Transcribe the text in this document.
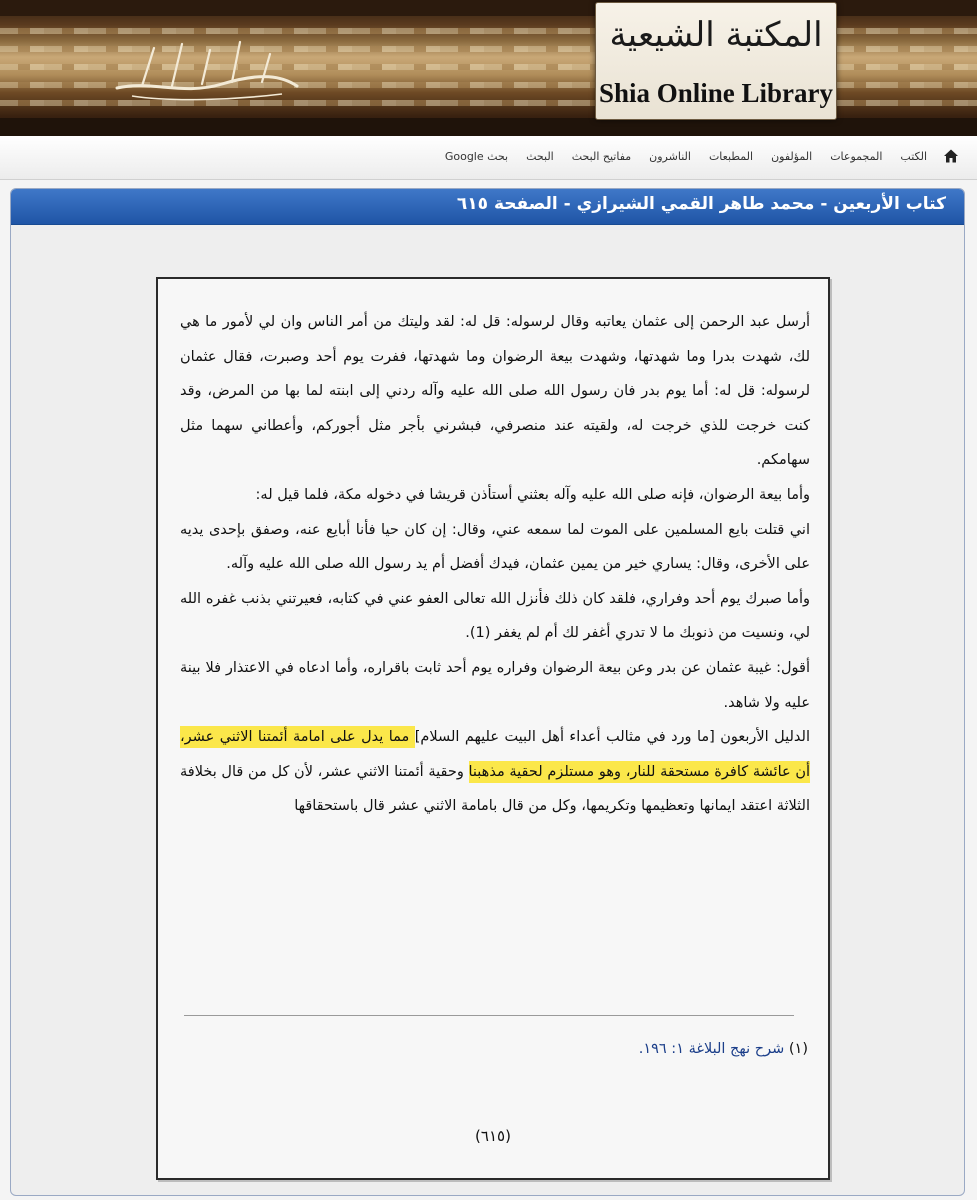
المكتبة الشيعية
Shia Online Library
الكتب
المجموعات
المؤلفون
المطبعات
الناشرون
مفاتيح البحث
البحث
بحث Google
كتاب الأربعين - محمد طاهر القمي الشيرازي - الصفحة ٦١٥

أرسل عبد الرحمن إلى عثمان يعاتبه وقال لرسوله: قل له: لقد وليتك من أمر الناس وان لي لأمور ما هي لك، شهدت بدرا وما شهدتها، وشهدت بيعة الرضوان وما شهدتها، ففرت يوم أحد وصبرت، فقال عثمان لرسوله: قل له: أما يوم بدر فان رسول الله صلى الله عليه وآله ردني إلى ابنته لما بها من المرض، وقد كنت خرجت للذي خرجت له، ولقيته عند منصرفي، فبشرني بأجر مثل أجوركم، وأعطاني سهما مثل سهامكم.

وأما بيعة الرضوان، فإنه صلى الله عليه وآله بعثني أستأذن قريشا في دخوله مكة، فلما قيل له:

اني قتلت بايع المسلمين على الموت لما سمعه عني، وقال: إن كان حيا فأنا أبايع عنه، وصفق بإحدى يديه على الأخرى، وقال: يساري خير من يمين عثمان، فيدك أفضل أم يد رسول الله صلى الله عليه وآله.

وأما صبرك يوم أحد وفراري، فلقد كان ذلك فأنزل الله تعالى العفو عني في كتابه، فعيرتني بذنب غفره الله لي، ونسيت من ذنوبك ما لا تدري أغفر لك أم لم يغفر (1).

أقول: غيبة عثمان عن بدر وعن بيعة الرضوان وفراره يوم أحد ثابت باقراره، وأما ادعاه في الاعتذار فلا بينة عليه ولا شاهد.

الدليل الأربعون [ما ورد في مثالب أعداء أهل البيت عليهم السلام] مما يدل على امامة أئمتنا الاثني عشر، أن عائشة كافرة مستحقة للنار، وهو مستلزم لحقية مذهبنا وحقية أئمتنا الاثني عشر، لأن كل من قال بخلافة الثلاثة اعتقد ايمانها وتعظيمها وتكريمها، وكل من قال بامامة الاثني عشر قال باستحقاقها

(١) شرح نهج البلاغة ١: ١٩٦.
(٦١٥)
